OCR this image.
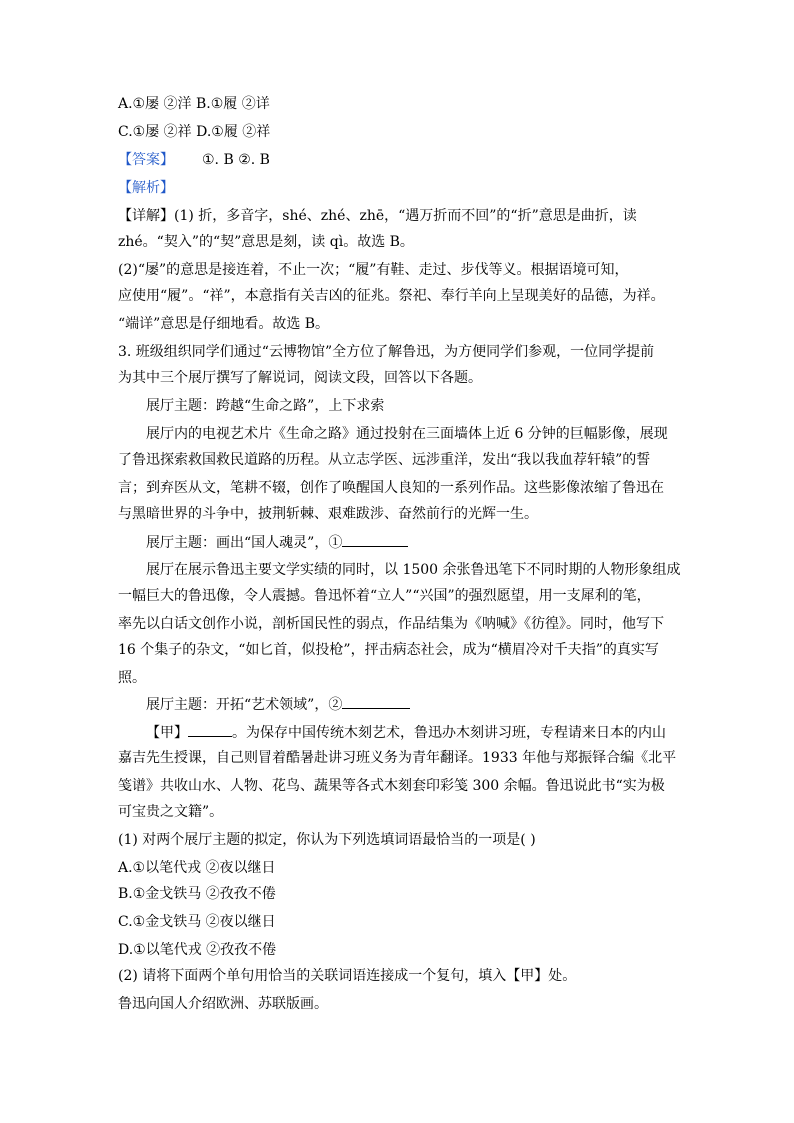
A.①屡 ②洋 B.①履 ②详
C.①屡 ②祥 D.①履 ②祥
【答案】 ①. B ②. B
【解析】
【详解】(1) 折，多音字，shé、zhé、zhē，“遇万折而不回”的“折”意思是曲折，读
zhé。“契入”的“契”意思是刻，读 qì。故选 B。
(2)“屡”的意思是接连着，不止一次；“履”有鞋、走过、步伐等义。根据语境可知，
应使用“履”。“祥”，本意指有关吉凶的征兆。祭祀、奉行羊向上呈现美好的品德，为祥。
“端详”意思是仔细地看。故选 B。
3. 班级组织同学们通过“云博物馆”全方位了解鲁迅，为方便同学们参观，一位同学提前
为其中三个展厅撰写了解说词，阅读文段，回答以下各题。
展厅主题：跨越“生命之路”，上下求索
展厅内的电视艺术片《生命之路》通过投射在三面墙体上近 6 分钟的巨幅影像，展现
了鲁迅探索救国救民道路的历程。从立志学医、远涉重洋，发出“我以我血荐轩辕”的誓
言；到弃医从文，笔耕不辍，创作了唤醒国人良知的一系列作品。这些影像浓缩了鲁迅在
与黑暗世界的斗争中，披荆斩棘、艰难跋涉、奋然前行的光辉一生。
展厅主题：画出“国人魂灵”，①
展厅在展示鲁迅主要文学实绩的同时，以 1500 余张鲁迅笔下不同时期的人物形象组成
一幅巨大的鲁迅像，令人震撼。鲁迅怀着“立人”“兴国”的强烈愿望，用一支犀利的笔，
率先以白话文创作小说，剖析国民性的弱点，作品结集为《呐喊》《彷徨》。同时，他写下
16 个集子的杂文，“如匕首，似投枪”，抨击病态社会，成为“横眉冷对千夫指”的真实写
照。
展厅主题：开拓“艺术领域”，②
【甲】	。为保存中国传统木刻艺术，鲁迅办木刻讲习班，专程请来日本的内山
嘉吉先生授课，自己则冒着酷暑赴讲习班义务为青年翻译。1933 年他与郑振铎合编《北平
笺谱》共收山水、人物、花鸟、蔬果等各式木刻套印彩笺 300 余幅。鲁迅说此书“实为极
可宝贵之文籍”。
(1) 对两个展厅主题的拟定，你认为下列选填词语最恰当的一项是( )
A.①以笔代戎 ②夜以继日
B.①金戈铁马 ②孜孜不倦
C.①金戈铁马 ②夜以继日
D.①以笔代戎 ②孜孜不倦
(2) 请将下面两个单句用恰当的关联词语连接成一个复句，填入【甲】处。
鲁迅向国人介绍欧洲、苏联版画。
